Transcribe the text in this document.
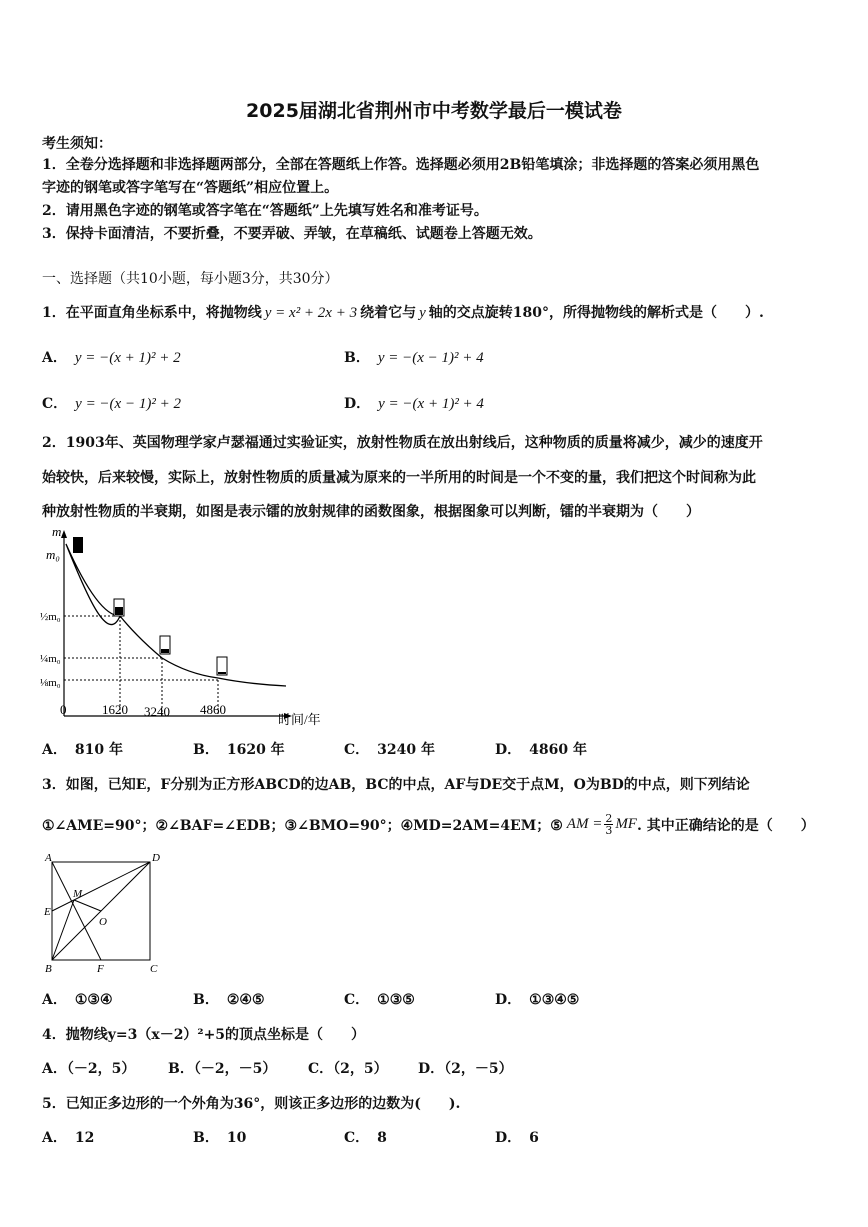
2025届湖北省荆州市中考数学最后一模试卷
考生须知：
1．全卷分选择题和非选择题两部分，全部在答题纸上作答。选择题必须用2B铅笔填涂；非选择题的答案必须用黑色
字迹的钢笔或答字笔写在“答题纸”相应位置上。
2．请用黑色字迹的钢笔或答字笔在“答题纸”上先填写姓名和准考证号。
3．保持卡面清洁，不要折叠，不要弄破、弄皱，在草稿纸、试题卷上答题无效。
一、选择题（共10小题，每小题3分，共30分）
1．在平面直角坐标系中，将抛物线 y = x² + 2x + 3 绕着它与 y 轴的交点旋转180°，所得抛物线的解析式是（　　）.
A． y = −(x + 1)² + 2	B． y = −(x − 1)² + 4
C． y = −(x − 1)² + 2	D． y = −(x + 1)² + 4
2．1903年、英国物理学家卢瑟福通过实验证实，放射性物质在放出射线后，这种物质的质量将减少，减少的速度开
始较快，后来较慢，实际上，放射性物质的质量减为原来的一半所用的时间是一个不变的量，我们把这个时间称为此
种放射性物质的半衰期，如图是表示镭的放射规律的函数图象，根据图象可以判断，镭的半衰期为（　　）
m
m₀
½m₀
¼m₀
⅛m₀
0	1620 3240 4860
时间/年
A． 810 年	B． 1620 年	C． 3240 年	D． 4860 年
3．如图，已知E，F分别为正方形ABCD的边AB，BC的中点，AF与DE交于点M，O为BD的中点，则下列结论
①∠AME=90°；②∠BAF=∠EDB；③∠BMO=90°；④MD=2AM=4EM；⑤ AM = $\frac{2}{3}$ MF . 其中正确结论的是（　　）
A	D
E
M
O
B	F	C
A． ①③④	B． ②④⑤	C． ①③⑤	D． ①③④⑤
4．抛物线y=3（x－2）²+5的顶点坐标是（　　）
A．（－2，5） B．（－2，－5） C．（2，5） D．（2，－5）
5．已知正多边形的一个外角为36°，则该正多边形的边数为(　　).
A． 12	B． 10	C． 8	D． 6
